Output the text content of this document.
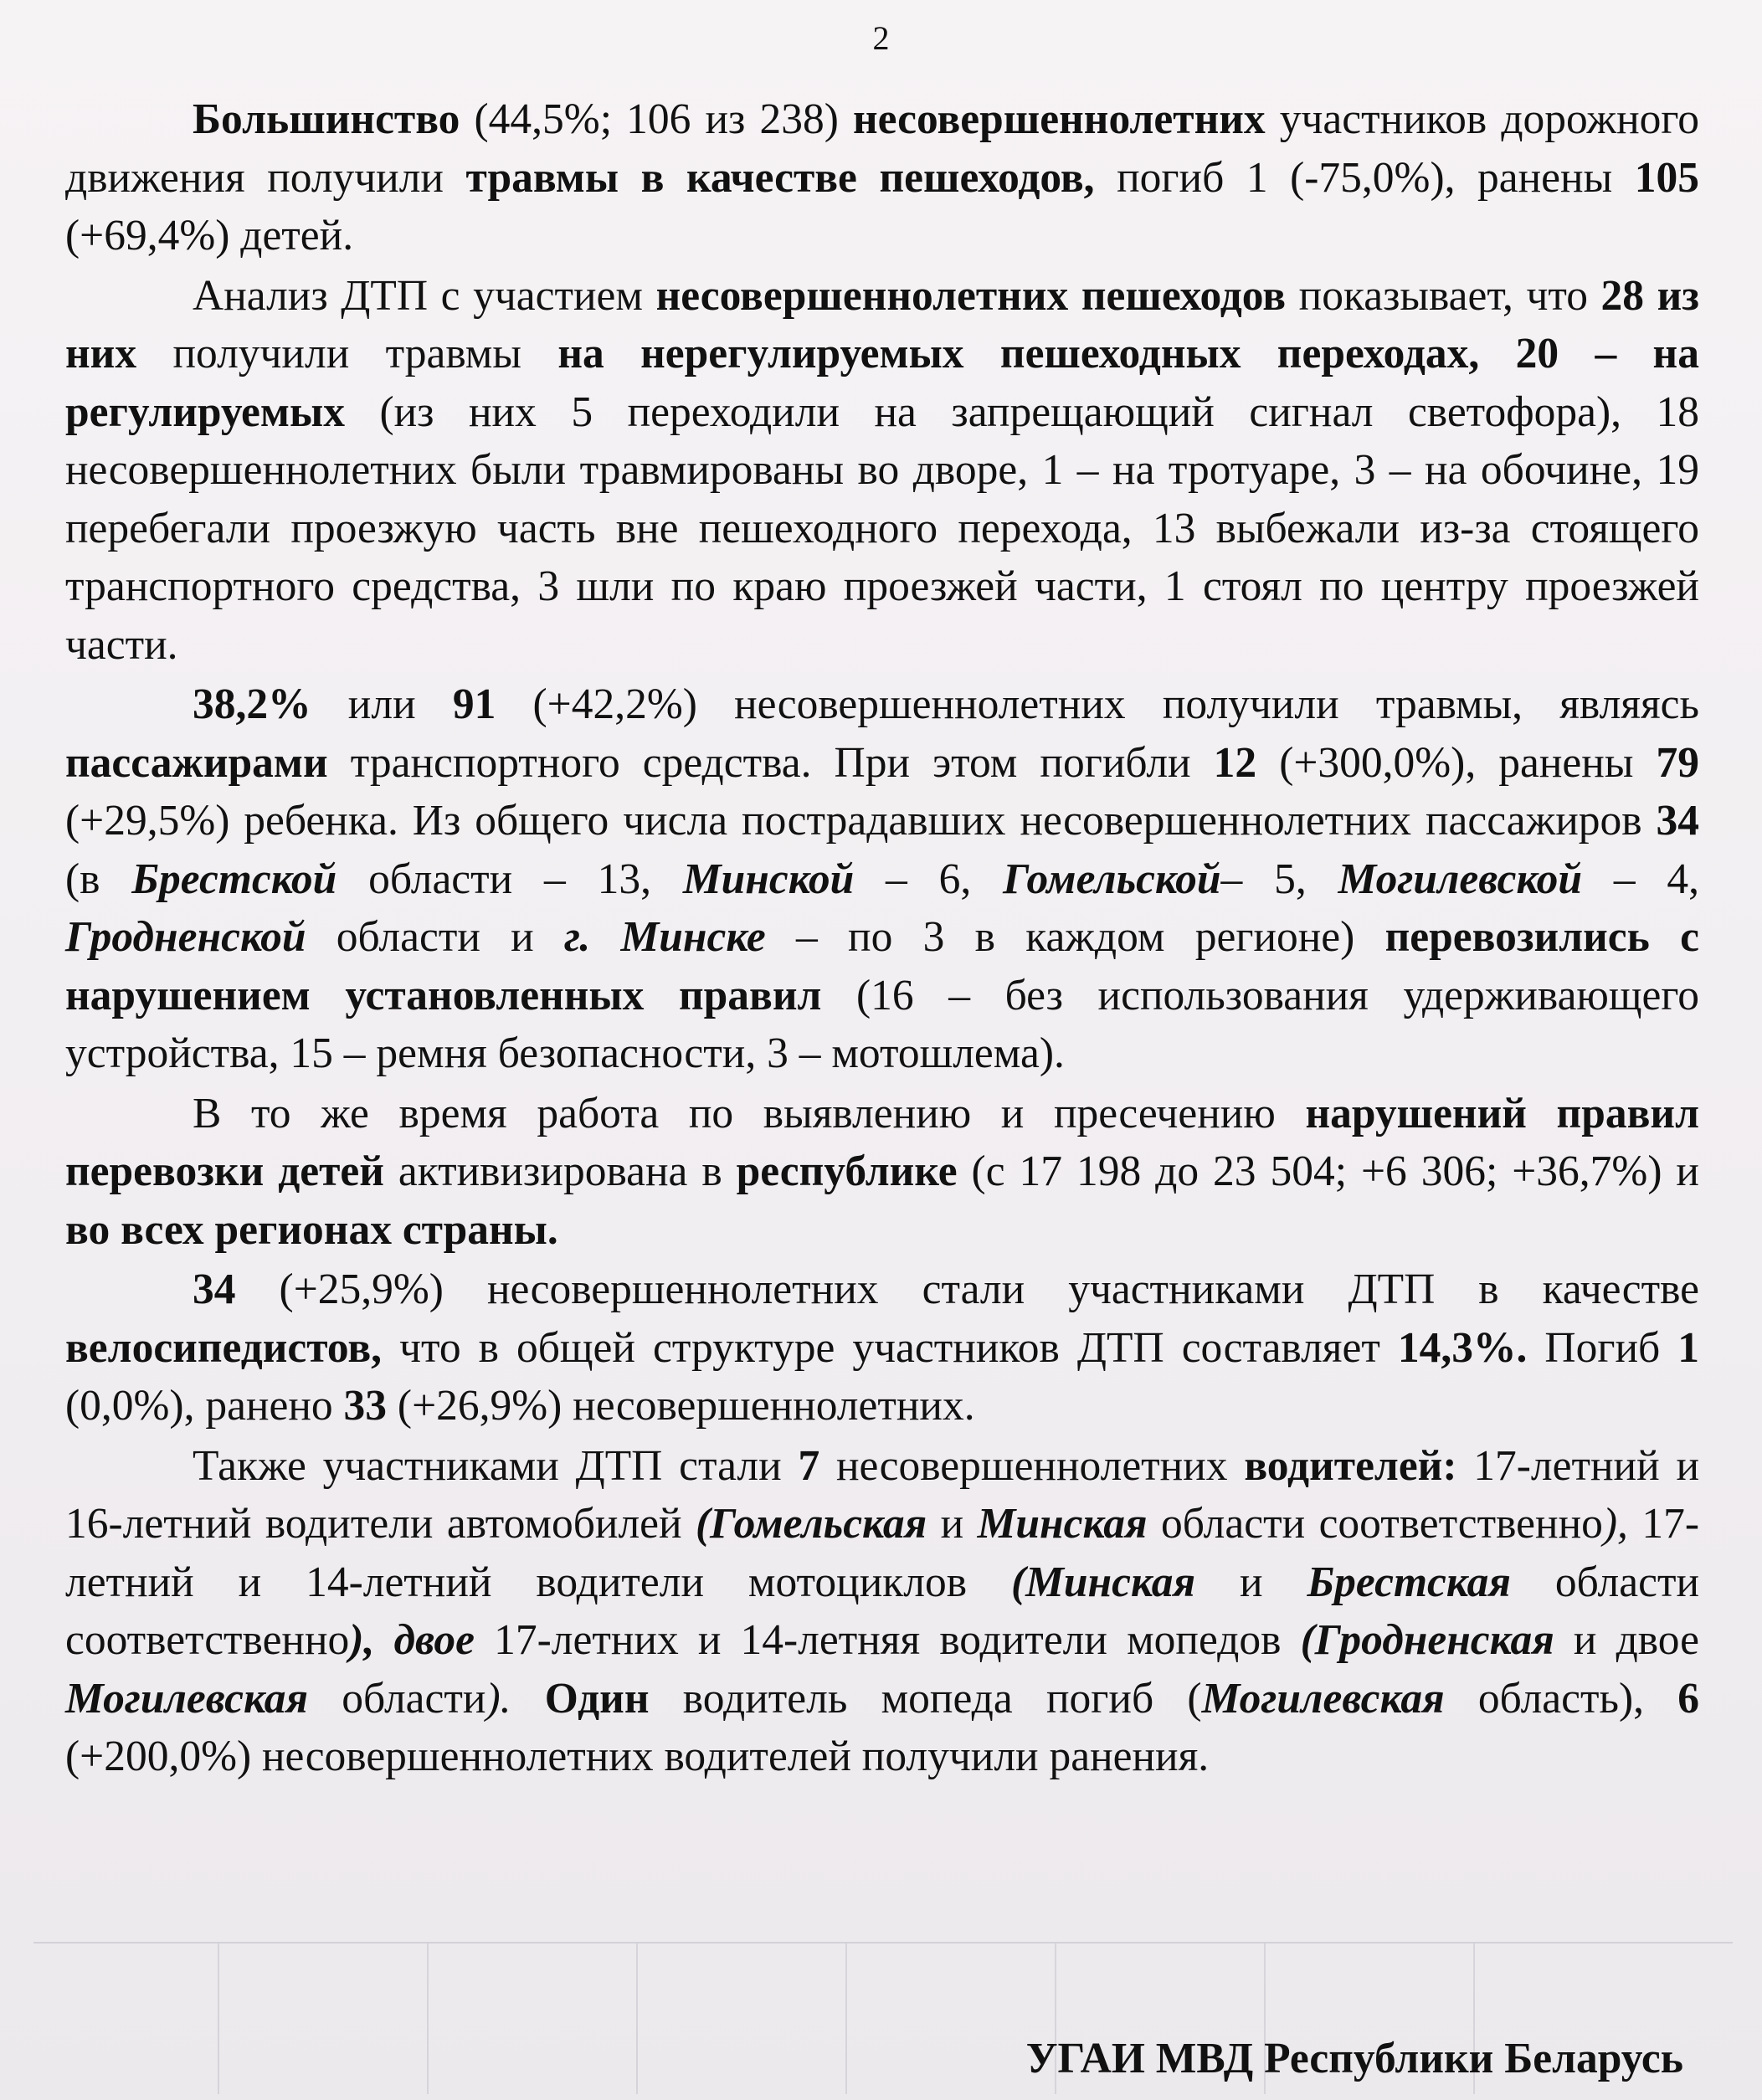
2

Большинство (44,5%; 106 из 238) несовершеннолетних участников дорожного движения получили травмы в качестве пешеходов, погиб 1 (-75,0%), ранены 105 (+69,4%) детей.

Анализ ДТП с участием несовершеннолетних пешеходов показывает, что 28 из них получили травмы на нерегулируемых пешеходных переходах, 20 – на регулируемых (из них 5 переходили на запрещающий сигнал светофора), 18 несовершеннолетних были травмированы во дворе, 1 – на тротуаре, 3 – на обочине, 19 перебегали проезжую часть вне пешеходного перехода, 13 выбежали из-за стоящего транспортного средства, 3 шли по краю проезжей части, 1 стоял по центру проезжей части.

38,2% или 91 (+42,2%) несовершеннолетних получили травмы, являясь пассажирами транспортного средства. При этом погибли 12 (+300,0%), ранены 79 (+29,5%) ребенка. Из общего числа пострадавших несовершеннолетних пассажиров 34 (в Брестской области – 13, Минской – 6, Гомельской– 5, Могилевской – 4, Гродненской области и г. Минске – по 3 в каждом регионе) перевозились с нарушением установленных правил (16 – без использования удерживающего устройства, 15 – ремня безопасности, 3 – мотошлема).

В то же время работа по выявлению и пресечению нарушений правил перевозки детей активизирована в республике (с 17 198 до 23 504; +6 306; +36,7%) и во всех регионах страны.

34 (+25,9%) несовершеннолетних стали участниками ДТП в качестве велосипедистов, что в общей структуре участников ДТП составляет 14,3%. Погиб 1 (0,0%), ранено 33 (+26,9%) несовершеннолетних.

Также участниками ДТП стали 7 несовершеннолетних водителей: 17-летний и 16-летний водители автомобилей (Гомельская и Минская области соответственно), 17-летний и 14-летний водители мотоциклов (Минская и Брестская области соответственно), двое 17-летних и 14-летняя водители мопедов (Гродненская и двое Могилевская области). Один водитель мопеда погиб (Могилевская область), 6 (+200,0%) несовершеннолетних водителей получили ранения.

УГАИ МВД Республики Беларусь
